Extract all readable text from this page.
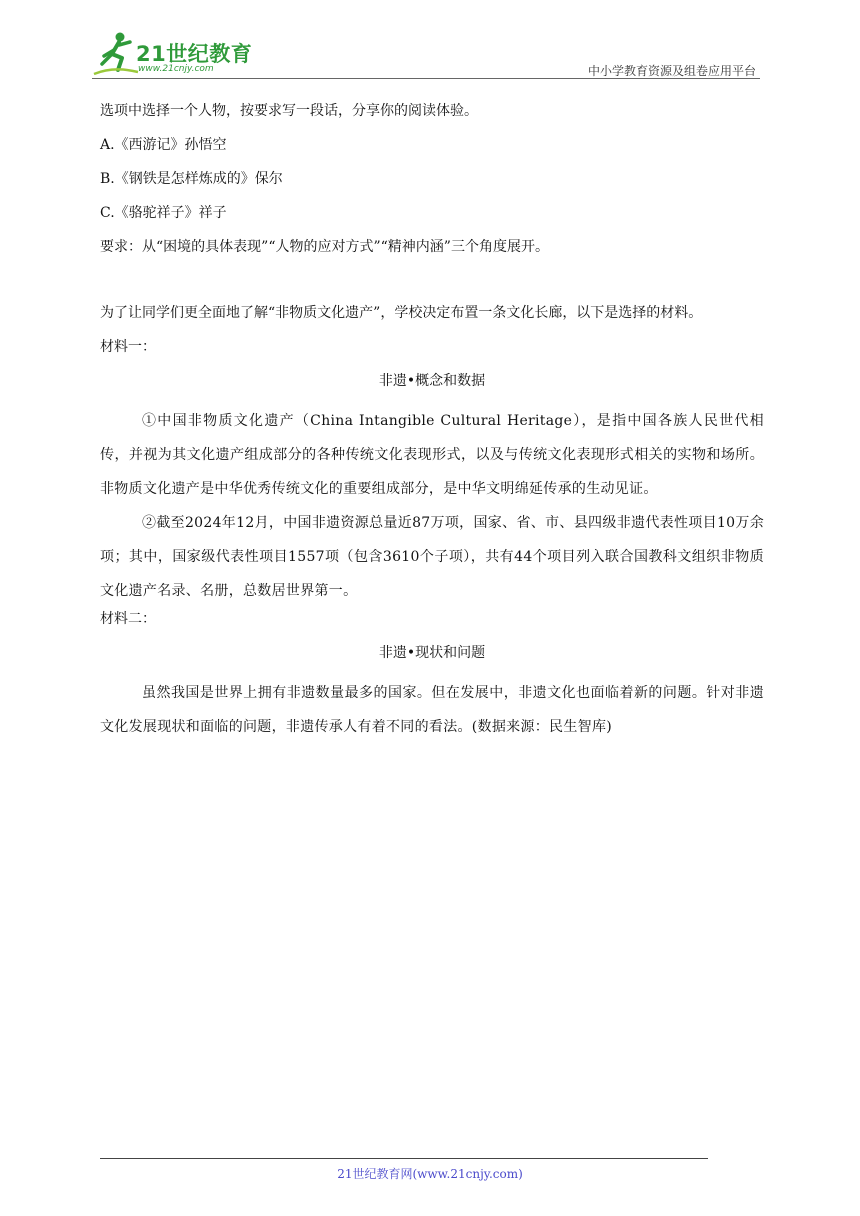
21世纪教育
www.21cnjy.com	中小学教育资源及组卷应用平台

选项中选择一个人物，按要求写一段话，分享你的阅读体验。

A.《西游记》孙悟空

B.《钢铁是怎样炼成的》保尔

C.《骆驼祥子》祥子

要求：从“困境的具体表现”“人物的应对方式”“精神内涵”三个角度展开。

为了让同学们更全面地了解“非物质文化遗产”，学校决定布置一条文化长廊，以下是选择的材料。

材料一：

非遗•概念和数据

①中国非物质文化遗产（China Intangible Cultural Heritage），是指中国各族人民世代相传，并视为其文化遗产组成部分的各种传统文化表现形式，以及与传统文化表现形式相关的实物和场所。非物质文化遗产是中华优秀传统文化的重要组成部分，是中华文明绵延传承的生动见证。

②截至2024年12月，中国非遗资源总量近87万项，国家、省、市、县四级非遗代表性项目10万余项；其中，国家级代表性项目1557项（包含3610个子项），共有44个项目列入联合国教科文组织非物质文化遗产名录、名册，总数居世界第一。

材料二：

非遗•现状和问题

虽然我国是世界上拥有非遗数量最多的国家。但在发展中，非遗文化也面临着新的问题。针对非遗文化发展现状和面临的问题，非遗传承人有着不同的看法。(数据来源：民生智库)

21世纪教育网(www.21cnjy.com)
